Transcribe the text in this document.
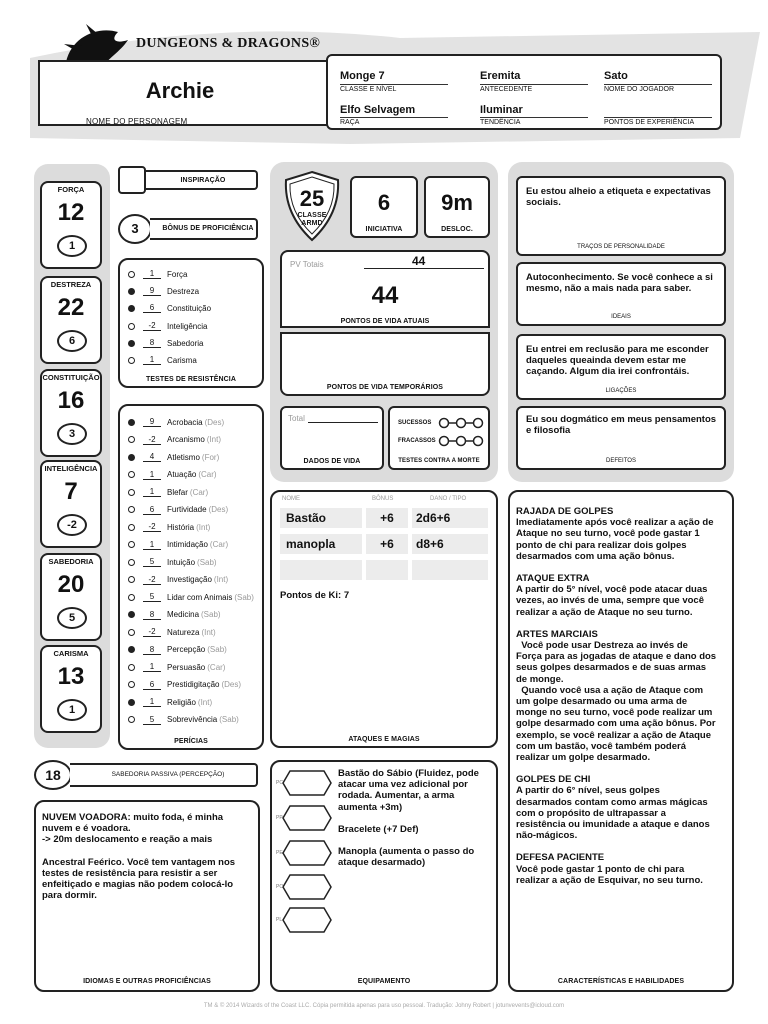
DUNGEONS & DRAGONS®
Archie
NOME DO PERSONAGEM
Monge 7
CLASSE E NÍVEL
Eremita
ANTECEDENTE
Sato
NOME DO JOGADOR
Elfo Selvagem
RAÇA
Iluminar
TENDÊNCIA	PONTOS DE EXPERIÊNCIA
FORÇA
12
1
DESTREZA
22
6
CONSTITUIÇÃO
16
3
INTELIGÊNCIA
7
-2
SABEDORIA
20
5
CARISMA
13
1
INSPIRAÇÃO
3	BÔNUS DE PROFICIÊNCIA
1	Força
9	Destreza
6	Constituição
-2	Inteligência
8	Sabedoria
1	Carisma
TESTES DE RESISTÊNCIA
9	Acrobacia (Des)
-2	Arcanismo (Int)
4	Atletismo (For)
1	Atuação (Car)
1	Blefar (Car)
6	Furtividade (Des)
-2	História (Int)
1	Intimidação (Car)
5	Intuição (Sab)
-2	Investigação (Int)
5	Lidar com Animais (Sab)
8	Medicina (Sab)
-2	Natureza (Int)
8	Percepção (Sab)
1	Persuasão (Car)
6	Prestidigitação (Des)
1	Religião (Int)
5	Sobrevivência (Sab)
PERÍCIAS
18	SABEDORIA PASSIVA (PERCEPÇÃO)
NUVEM VOADORA: muito foda, é minha
nuvem e é voadora.
-> 20m deslocamento e reação a mais
Ancestral Feérico. Você tem vantagem nos
testes de resistência para resistir a ser
enfeitiçado e magias não podem colocá-lo
para dormir.
IDIOMAS E OUTRAS PROFICIÊNCIAS
25
CLASSE ARMD
6
INICIATIVA
9m
DESLOC.
PV Totais	44
44
PONTOS DE VIDA ATUAIS
PONTOS DE VIDA TEMPORÁRIOS
Total
DADOS DE VIDA
SUCESSOS
FRACASSOS
TESTES CONTRA A MORTE
NOME	BÔNUS	DANO / TIPO
Bastão	+6	2d6+6
manopla	+6	d8+6
Pontos de Ki: 7
ATAQUES E MAGIAS
PC
PP
PE
PO
PL
Bastão do Sábio (Fluidez, pode
atacar uma vez adicional por
rodada. Aumentar, a arma
aumenta +3m)
Bracelete (+7 Def)
Manopla (aumenta o passo do
ataque desarmado)
EQUIPAMENTO
Eu estou alheio a etiqueta e expectativas sociais.
TRAÇOS DE PERSONALIDADE
Autoconhecimento. Se você conhece a si mesmo, não a mais nada para saber.
IDEAIS
Eu entrei em reclusão para me esconder daqueles queainda devem estar me caçando. Algum dia irei confrontáis.
LIGAÇÕES
Eu sou dogmático em meus pensamentos e filosofia
DEFEITOS
RAJADA DE GOLPES
Imediatamente após você realizar a ação de
Ataque no seu turno, você pode gastar 1
ponto de chi para realizar dois golpes
desarmados com uma ação bônus.
ATAQUE EXTRA
A partir do 5° nível, você pode atacar duas
vezes, ao invés de uma, sempre que você
realizar a ação de Ataque no seu turno.
ARTES MARCIAIS
Você pode usar Destreza ao invés de
Força para as jogadas de ataque e dano dos
seus golpes desarmados e de suas armas
de monge.
Quando você usa a ação de Ataque com
um golpe desarmado ou uma arma de
monge no seu turno, você pode realizar um
golpe desarmado com uma ação bônus. Por
exemplo, se você realizar a ação de Ataque
com um bastão, você também poderá
realizar um golpe desarmado.
GOLPES DE CHI
A partir do 6° nível, seus golpes
desarmados contam como armas mágicas
com o propósito de ultrapassar a
resistência ou imunidade a ataque e danos
não-mágicos.
DEFESA PACIENTE
Você pode gastar 1 ponto de chi para
realizar a ação de Esquivar, no seu turno.
CARACTERÍSTICAS E HABILIDADES
TM & © 2014 Wizards of the Coast LLC. Cópia permitida apenas para uso pessoal. Tradução: Johny Robert | jotunvevents@icloud.com
